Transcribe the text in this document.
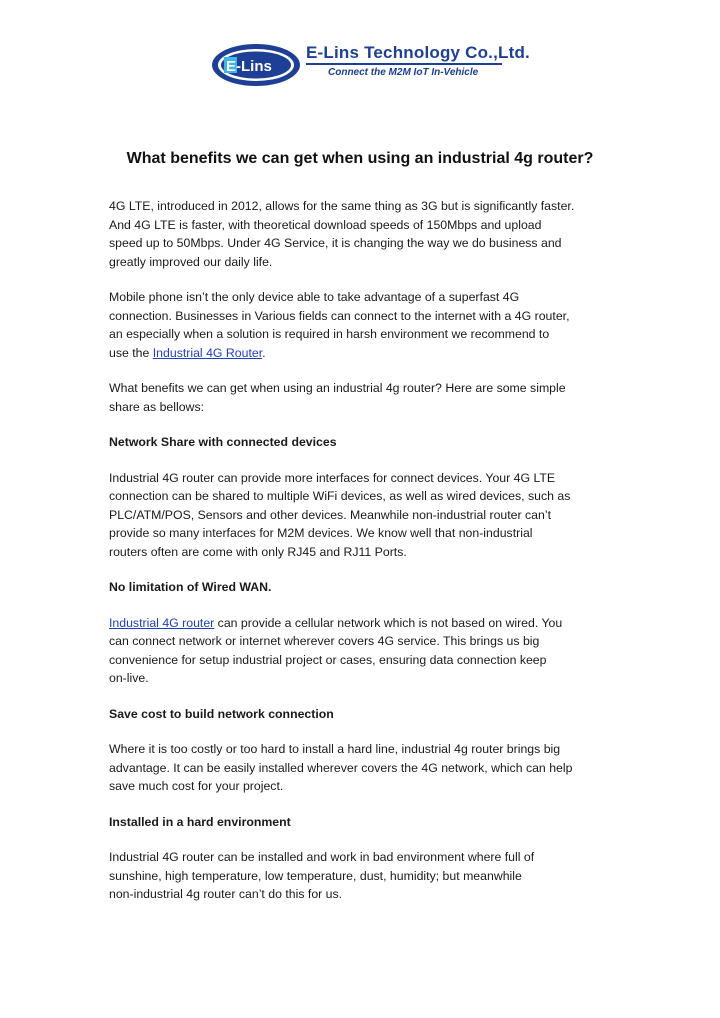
E-Lins
E-Lins Technology Co.,Ltd.
Connect the M2M IoT In-Vehicle
What benefits we can get when using an industrial 4g router?

4G LTE, introduced in 2012, allows for the same thing as 3G but is significantly faster.
And 4G LTE is faster, with theoretical download speeds of 150Mbps and upload
speed up to 50Mbps. Under 4G Service, it is changing the way we do business and
greatly improved our daily life.

Mobile phone isn’t the only device able to take advantage of a superfast 4G
connection. Businesses in Various fields can connect to the internet with a 4G router,
an especially when a solution is required in harsh environment we recommend to
use the Industrial 4G Router.

What benefits we can get when using an industrial 4g router? Here are some simple
share as bellows:

Network Share with connected devices

Industrial 4G router can provide more interfaces for connect devices. Your 4G LTE
connection can be shared to multiple WiFi devices, as well as wired devices, such as
PLC/ATM/POS, Sensors and other devices. Meanwhile non-industrial router can’t
provide so many interfaces for M2M devices. We know well that non-industrial
routers often are come with only RJ45 and RJ11 Ports.

No limitation of Wired WAN.

Industrial 4G router can provide a cellular network which is not based on wired. You
can connect network or internet wherever covers 4G service. This brings us big
convenience for setup industrial project or cases, ensuring data connection keep
on-live.

Save cost to build network connection

Where it is too costly or too hard to install a hard line, industrial 4g router brings big
advantage. It can be easily installed wherever covers the 4G network, which can help
save much cost for your project.

Installed in a hard environment

Industrial 4G router can be installed and work in bad environment where full of
sunshine, high temperature, low temperature, dust, humidity; but meanwhile
non-industrial 4g router can’t do this for us.
